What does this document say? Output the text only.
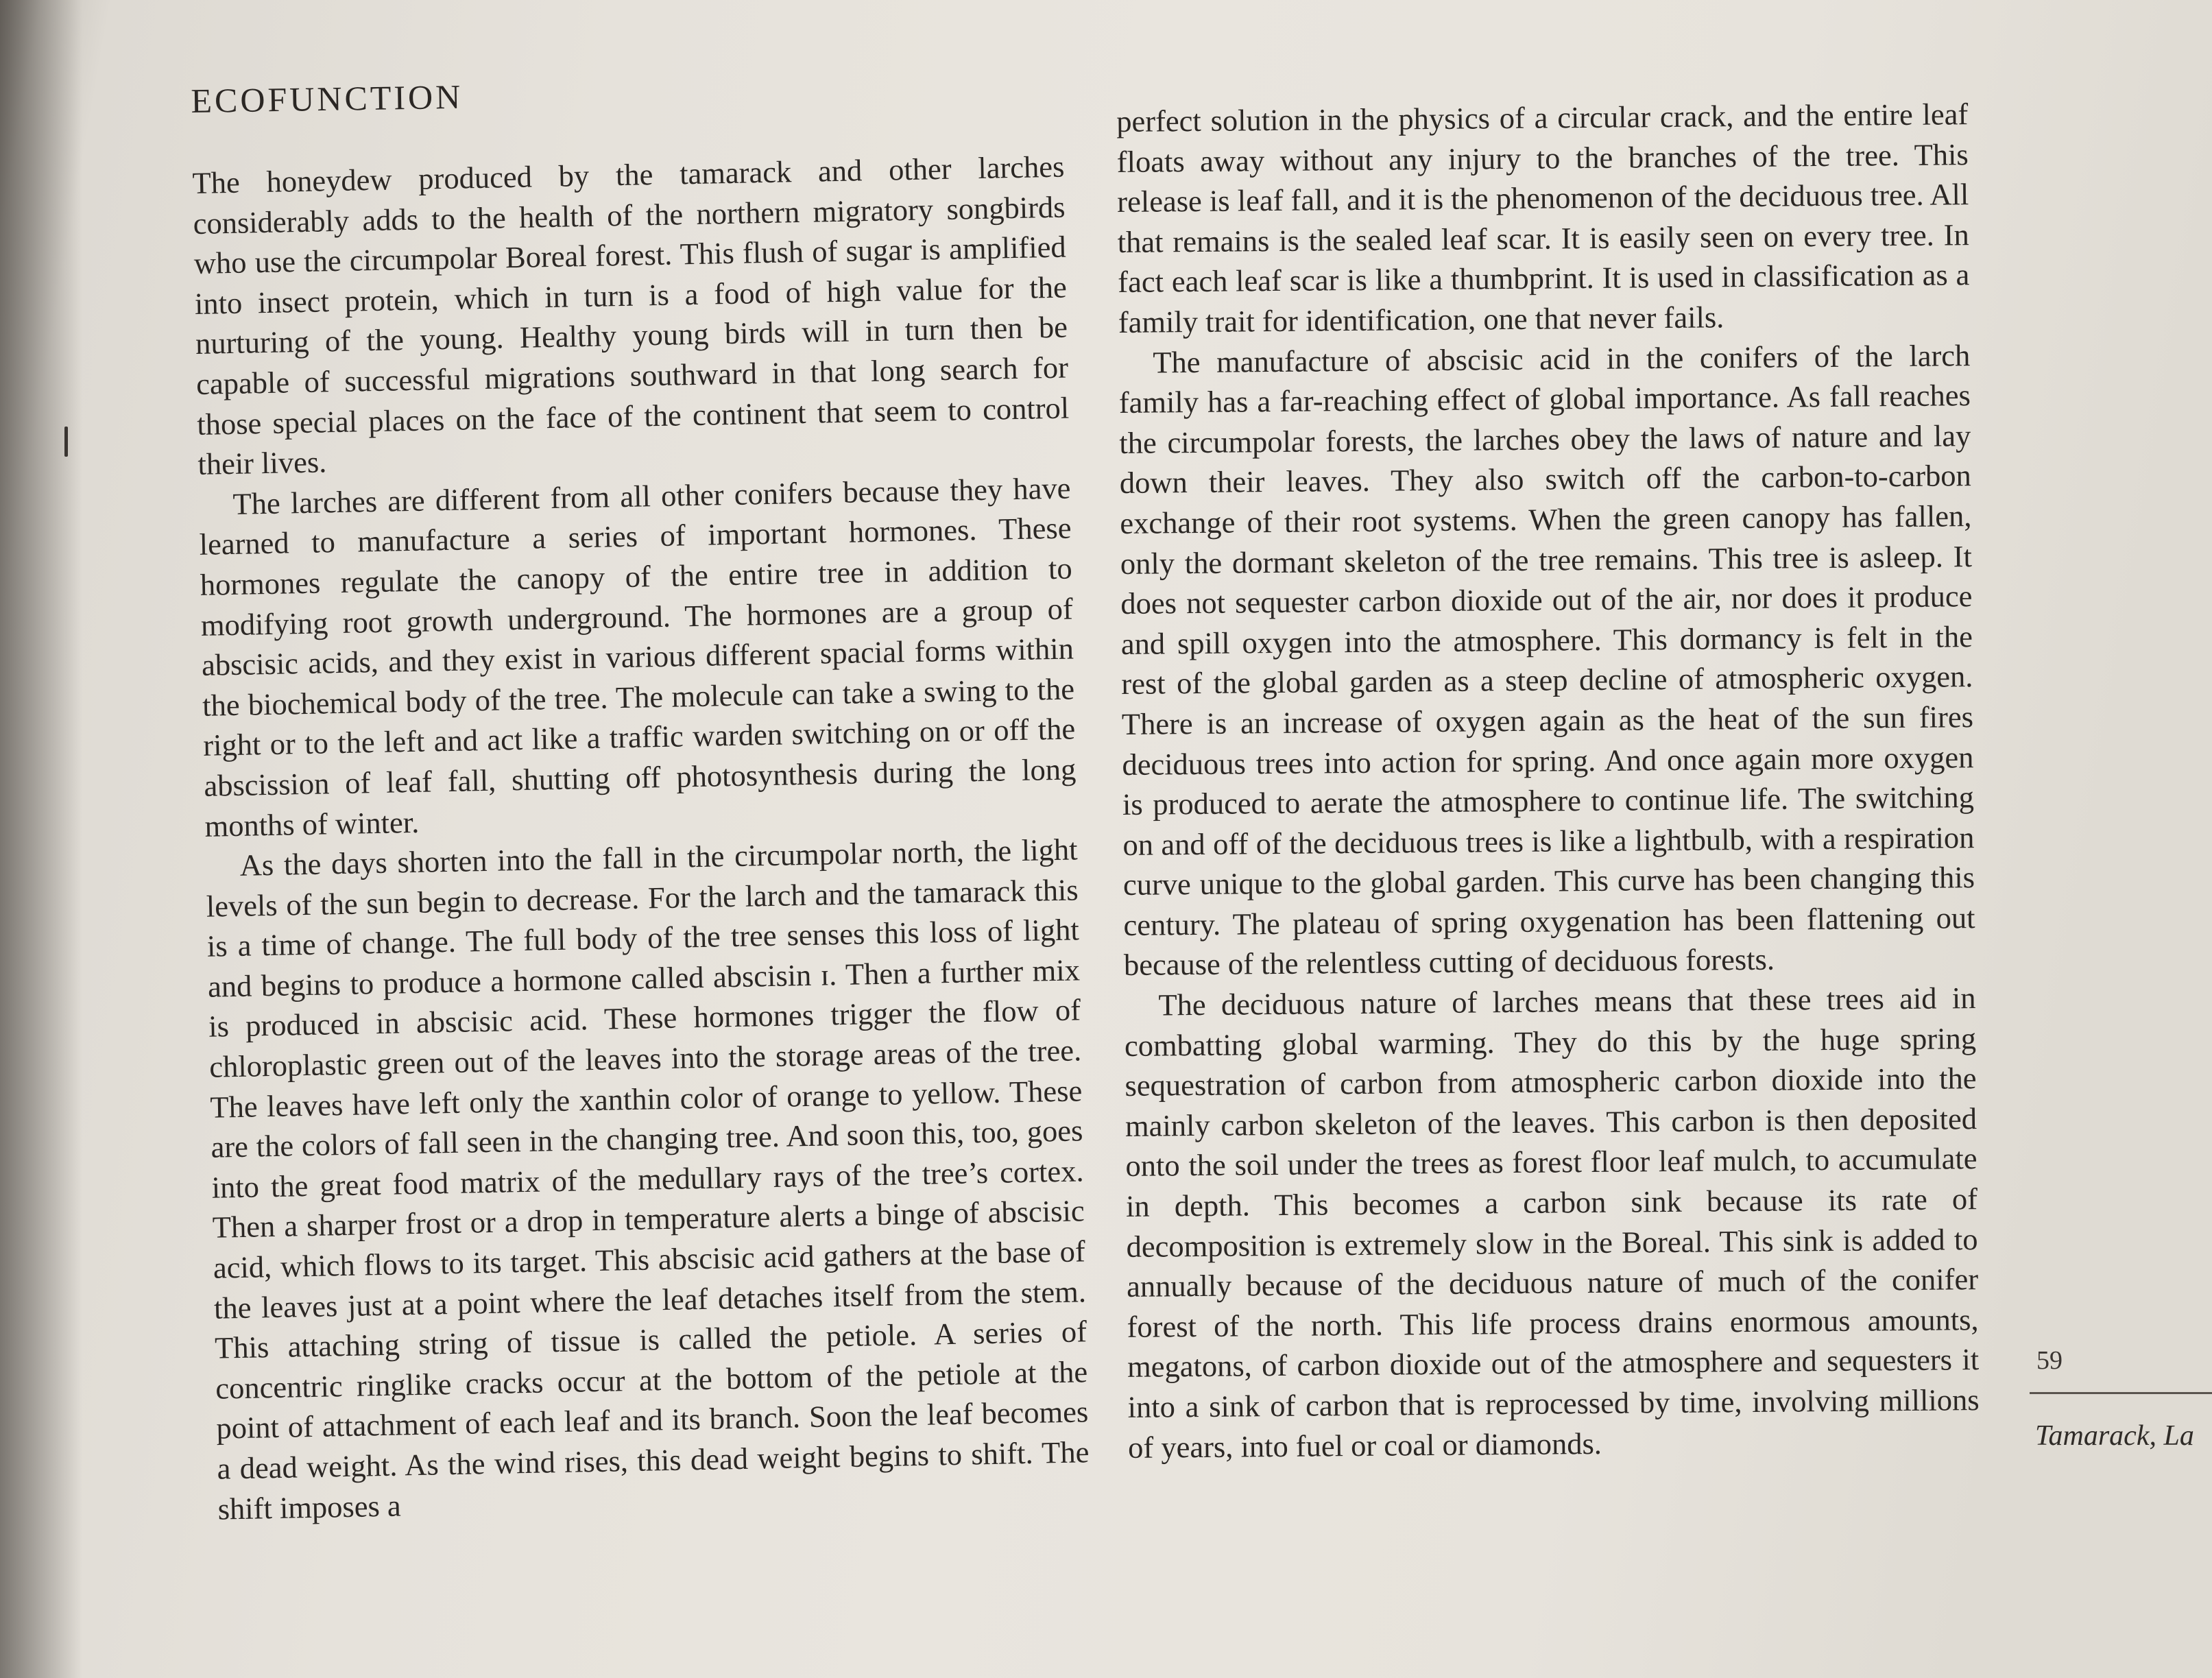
ECOFUNCTION

The honeydew produced by the tamarack and other larches considerably adds to the health of the northern migratory songbirds who use the circumpolar Boreal forest. This flush of sugar is amplified into insect protein, which in turn is a food of high value for the nurturing of the young. Healthy young birds will in turn then be capable of successful migrations southward in that long search for those special places on the face of the continent that seem to control their lives.

The larches are different from all other conifers because they have learned to manufacture a series of important hormones. These hormones regulate the canopy of the entire tree in addition to modifying root growth underground. The hormones are a group of abscisic acids, and they exist in various different spacial forms within the biochemical body of the tree. The molecule can take a swing to the right or to the left and act like a traffic warden switching on or off the abscission of leaf fall, shutting off photosynthesis during the long months of winter.

As the days shorten into the fall in the circumpolar north, the light levels of the sun begin to decrease. For the larch and the tamarack this is a time of change. The full body of the tree senses this loss of light and begins to produce a hormone called abscisin ɪ. Then a further mix is produced in abscisic acid. These hormones trigger the flow of chloroplastic green out of the leaves into the storage areas of the tree. The leaves have left only the xanthin color of orange to yellow. These are the colors of fall seen in the changing tree. And soon this, too, goes into the great food matrix of the medullary rays of the tree’s cortex. Then a sharper frost or a drop in temperature alerts a binge of abscisic acid, which flows to its target. This abscisic acid gathers at the base of the leaves just at a point where the leaf detaches itself from the stem. This attaching string of tissue is called the petiole. A series of concentric ringlike cracks occur at the bottom of the petiole at the point of attachment of each leaf and its branch. Soon the leaf becomes a dead weight. As the wind rises, this dead weight begins to shift. The shift imposes a

perfect solution in the physics of a circular crack, and the entire leaf floats away without any injury to the branches of the tree. This release is leaf fall, and it is the phenomenon of the deciduous tree. All that remains is the sealed leaf scar. It is easily seen on every tree. In fact each leaf scar is like a thumbprint. It is used in classification as a family trait for identification, one that never fails.

The manufacture of abscisic acid in the conifers of the larch family has a far-reaching effect of global importance. As fall reaches the circumpolar forests, the larches obey the laws of nature and lay down their leaves. They also switch off the carbon-to-carbon exchange of their root systems. When the green canopy has fallen, only the dormant skeleton of the tree remains. This tree is asleep. It does not sequester carbon dioxide out of the air, nor does it produce and spill oxygen into the atmosphere. This dormancy is felt in the rest of the global garden as a steep decline of atmospheric oxygen. There is an increase of oxygen again as the heat of the sun fires deciduous trees into action for spring. And once again more oxygen is produced to aerate the atmosphere to continue life. The switching on and off of the deciduous trees is like a lightbulb, with a respiration curve unique to the global garden. This curve has been changing this century. The plateau of spring oxygenation has been flattening out because of the relentless cutting of deciduous forests.

The deciduous nature of larches means that these trees aid in combatting global warming. They do this by the huge spring sequestration of carbon from atmospheric carbon dioxide into the mainly carbon skeleton of the leaves. This carbon is then deposited onto the soil under the trees as forest floor leaf mulch, to accumulate in depth. This becomes a carbon sink because its rate of decomposition is extremely slow in the Boreal. This sink is added to annually because of the deciduous nature of much of the conifer forest of the north. This life process drains enormous amounts, megatons, of carbon dioxide out of the atmosphere and sequesters it into a sink of carbon that is reprocessed by time, involving millions of years, into fuel or coal or diamonds.

59
Tamarack, La
